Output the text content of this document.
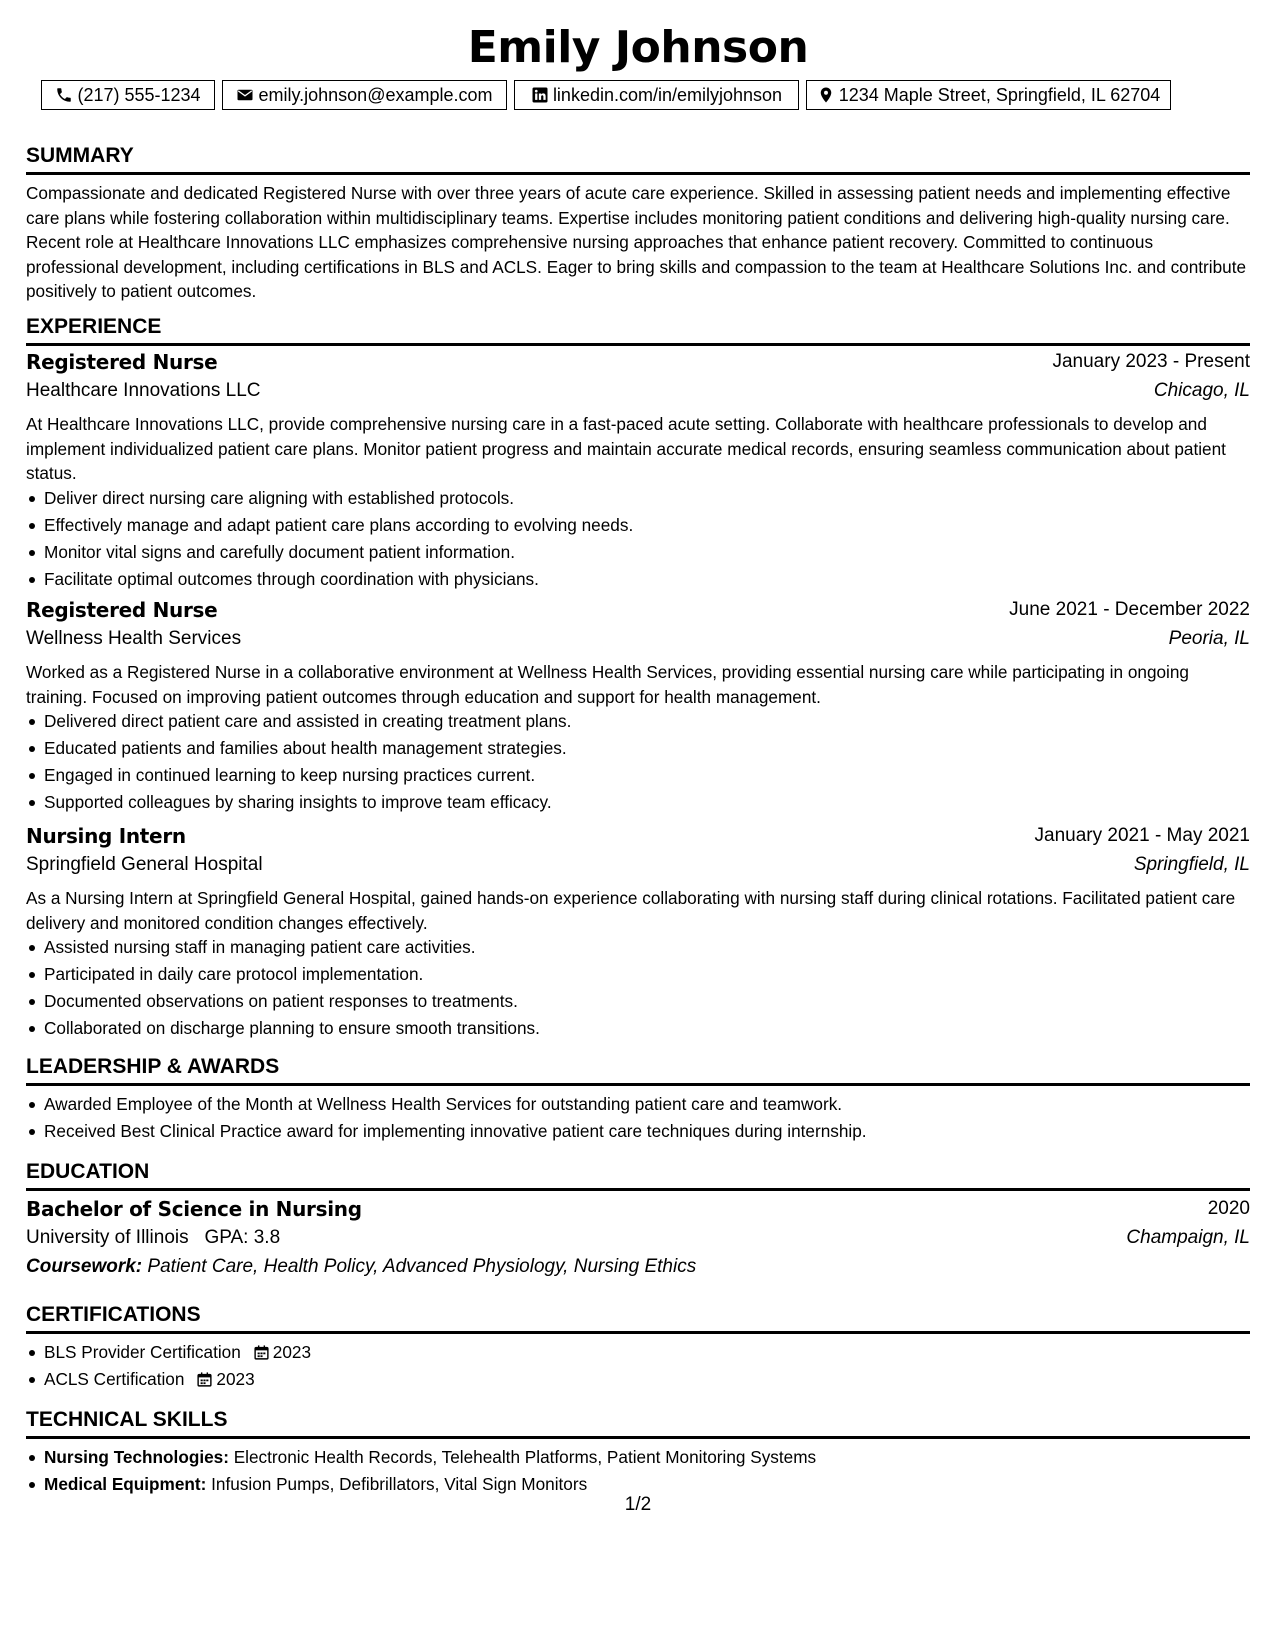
Emily Johnson
(217) 555-1234	emily.johnson@example.com	linkedin.com/in/emilyjohnson	1234 Maple Street, Springfield, IL 62704
SUMMARY
Compassionate and dedicated Registered Nurse with over three years of acute care experience. Skilled in assessing patient needs and implementing effective care plans while fostering collaboration within multidisciplinary teams. Expertise includes monitoring patient conditions and delivering high-quality nursing care. Recent role at Healthcare Innovations LLC emphasizes comprehensive nursing approaches that enhance patient recovery. Committed to continuous professional development, including certifications in BLS and ACLS. Eager to bring skills and compassion to the team at Healthcare Solutions Inc. and contribute positively to patient outcomes.
EXPERIENCE
Registered Nurse	January 2023 - Present
Healthcare Innovations LLC	Chicago, IL
At Healthcare Innovations LLC, provide comprehensive nursing care in a fast-paced acute setting. Collaborate with healthcare professionals to develop and implement individualized patient care plans. Monitor patient progress and maintain accurate medical records, ensuring seamless communication about patient status.
Deliver direct nursing care aligning with established protocols.
Effectively manage and adapt patient care plans according to evolving needs.
Monitor vital signs and carefully document patient information.
Facilitate optimal outcomes through coordination with physicians.
Registered Nurse	June 2021 - December 2022
Wellness Health Services	Peoria, IL
Worked as a Registered Nurse in a collaborative environment at Wellness Health Services, providing essential nursing care while participating in ongoing training. Focused on improving patient outcomes through education and support for health management.
Delivered direct patient care and assisted in creating treatment plans.
Educated patients and families about health management strategies.
Engaged in continued learning to keep nursing practices current.
Supported colleagues by sharing insights to improve team efficacy.
Nursing Intern	January 2021 - May 2021
Springfield General Hospital	Springfield, IL
As a Nursing Intern at Springfield General Hospital, gained hands-on experience collaborating with nursing staff during clinical rotations. Facilitated patient care delivery and monitored condition changes effectively.
Assisted nursing staff in managing patient care activities.
Participated in daily care protocol implementation.
Documented observations on patient responses to treatments.
Collaborated on discharge planning to ensure smooth transitions.
LEADERSHIP & AWARDS
Awarded Employee of the Month at Wellness Health Services for outstanding patient care and teamwork.
Received Best Clinical Practice award for implementing innovative patient care techniques during internship.
EDUCATION
Bachelor of Science in Nursing	2020
University of Illinois GPA: 3.8	Champaign, IL
Coursework: Patient Care, Health Policy, Advanced Physiology, Nursing Ethics
CERTIFICATIONS
BLS Provider Certification 2023
ACLS Certification 2023
TECHNICAL SKILLS
Nursing Technologies: Electronic Health Records, Telehealth Platforms, Patient Monitoring Systems
Medical Equipment: Infusion Pumps, Defibrillators, Vital Sign Monitors
1/2
